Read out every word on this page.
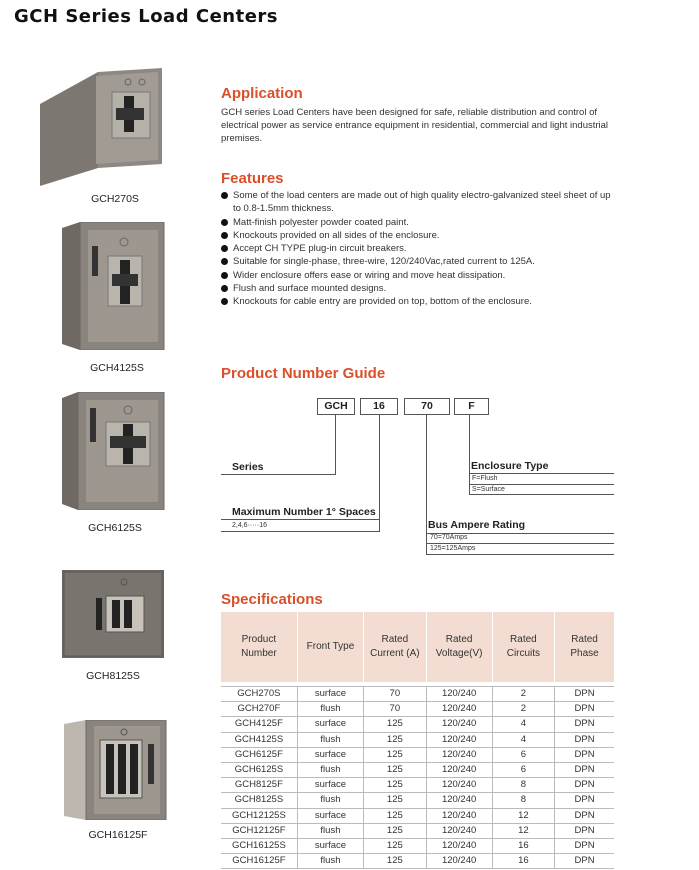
GCH Series Load Centers
GCH270S
GCH4125S
GCH6125S
GCH8125S
GCH16125F
Application
GCH series Load Centers have been designed for safe, reliable distribution and control of electrical power as service entrance equipment in residential, commercial and light industrial premises.
Features
Some of the load centers are made out of high quality electro-galvanized steel sheet of up to 0.8-1.5mm thickness.
Matt-finish polyester powder coated paint.
Knockouts provided on all sides of the enclosure.
Accept CH TYPE plug-in circuit breakers.
Suitable for single-phase, three-wire, 120/240Vac,rated current to 125A.
Wider enclosure offers ease or wiring and move heat dissipation.
Flush and surface mounted designs.
Knockouts for cable entry are provided on top, bottom of the enclosure.
Product Number Guide
GCH	16	70	F
Series
Maximum Number 1° Spaces
2,4,6·····16	Bus Ampere Rating
70=70Amps
125=125Amps
Enclosure Type
F=Flush
S=Surface
Specifications
Product Number	Front Type	Rated Current (A)	Rated Voltage(V)	Rated Circuits	Rated Phase

GCH270S	surface	70	120/240	2	DPN
GCH270F	flush	70	120/240	2	DPN
GCH4125F	surface	125	120/240	4	DPN
GCH4125S	flush	125	120/240	4	DPN
GCH6125F	surface	125	120/240	6	DPN
GCH6125S	flush	125	120/240	6	DPN
GCH8125F	surface	125	120/240	8	DPN
GCH8125S	flush	125	120/240	8	DPN
GCH12125S	surface	125	120/240	12	DPN
GCH12125F	flush	125	120/240	12	DPN
GCH16125S	surface	125	120/240	16	DPN
GCH16125F	flush	125	120/240	16	DPN
